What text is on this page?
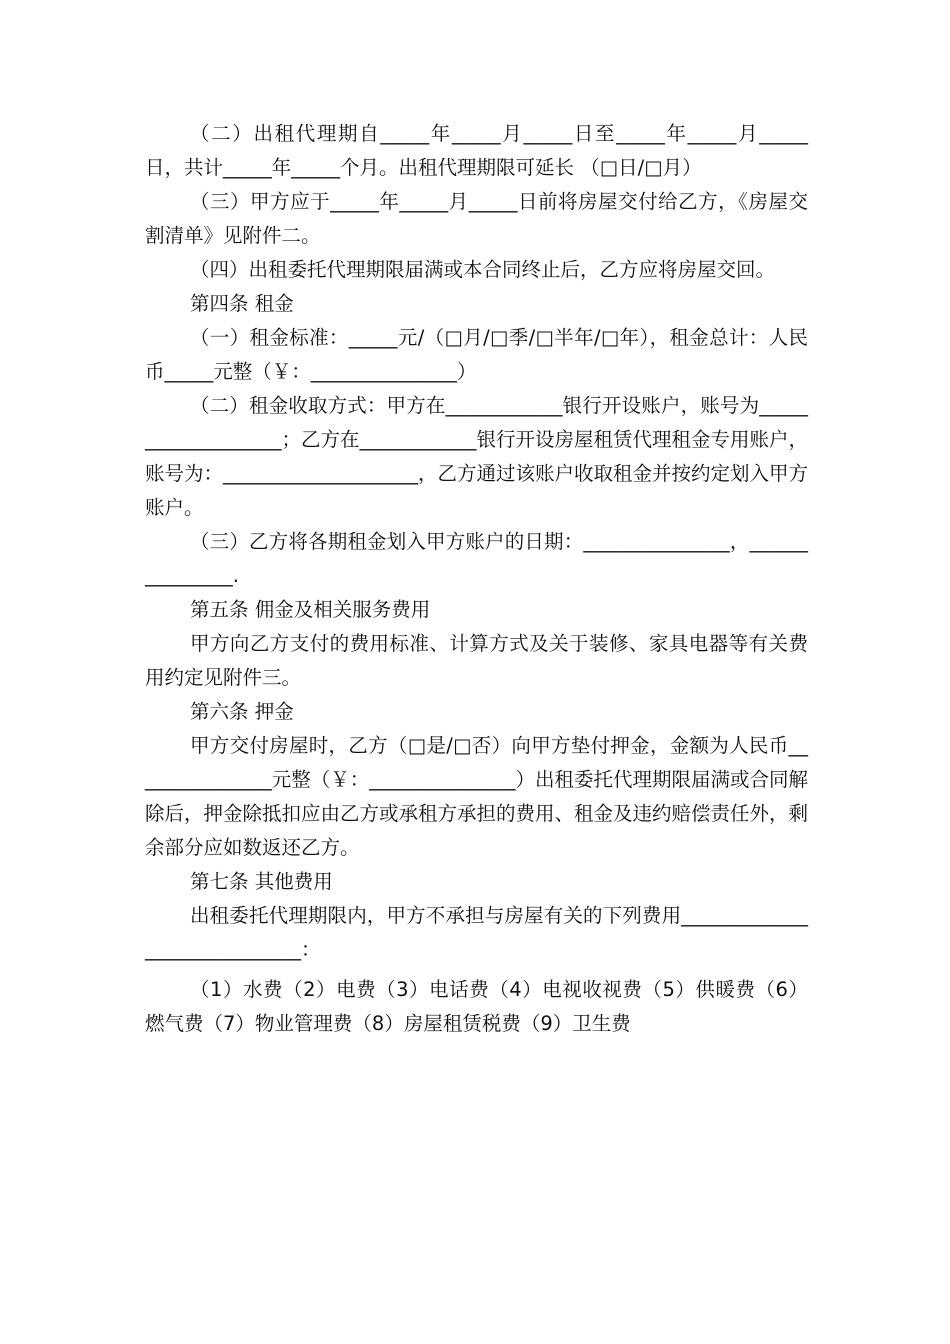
（二）出租代理期自_____年_____月_____日至_____年_____月_____日，共计_____年_____个月。出租代理期限可延长 （□日/□月）

（三）甲方应于_____年_____月_____日前将房屋交付给乙方，《房屋交割清单》见附件二。

（四）出租委托代理期限届满或本合同终止后，乙方应将房屋交回。

第四条 租金

（一）租金标准：_____元/（□月/□季/□半年/□年），租金总计：人民币_____元整（￥：_______________）

（二）租金收取方式：甲方在____________银行开设账户，账号为___________________；乙方在____________银行开设房屋租赁代理租金专用账户，账号为：____________________，乙方通过该账户收取租金并按约定划入甲方账户。

（三）乙方将各期租金划入甲方账户的日期：_______________，_______________.

第五条 佣金及相关服务费用

甲方向乙方支付的费用标准、计算方式及关于装修、家具电器等有关费用约定见附件三。

第六条 押金

甲方交付房屋时，乙方（□是/□否）向甲方垫付押金，金额为人民币_______________元整（￥：_______________）出租委托代理期限届满或合同解除后，押金除抵扣应由乙方或承租方承担的费用、租金及违约赔偿责任外，剩余部分应如数返还乙方。

第七条 其他费用

出租委托代理期限内，甲方不承担与房屋有关的下列费用_____________________________：

（1）水费（2）电费（3）电话费（4）电视收视费（5）供暖费（6）燃气费（7）物业管理费（8）房屋租赁税费（9）卫生费
